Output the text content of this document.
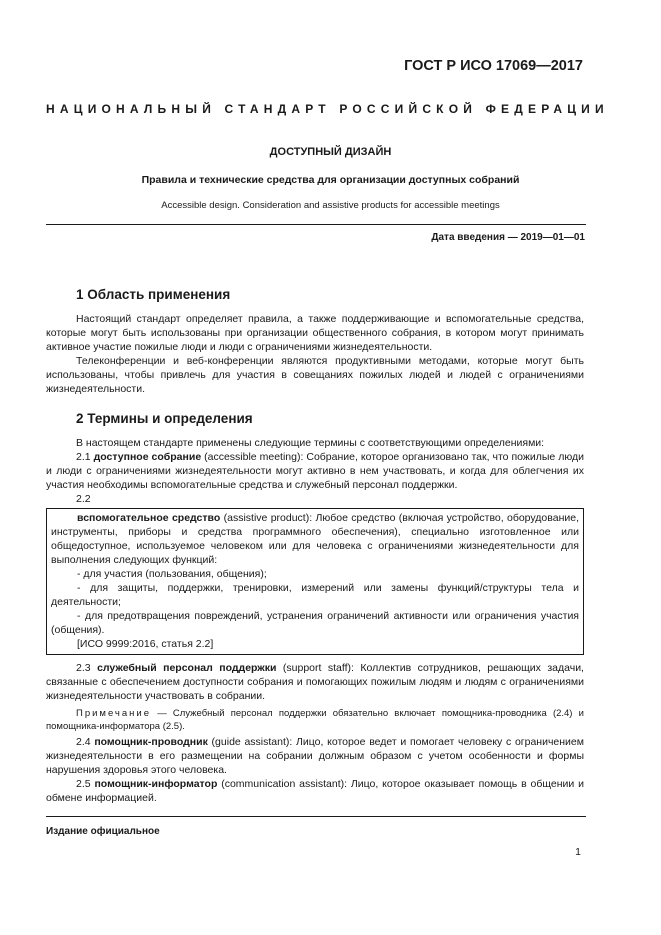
ГОСТ Р ИСО 17069—2017
НАЦИОНАЛЬНЫЙ СТАНДАРТ РОССИЙСКОЙ ФЕДЕРАЦИИ
ДОСТУПНЫЙ ДИЗАЙН
Правила и технические средства для организации доступных собраний
Accessible design. Consideration and assistive products for accessible meetings
Дата введения — 2019—01—01
1 Область применения

Настоящий стандарт определяет правила, а также поддерживающие и вспомогательные средства, которые могут быть использованы при организации общественного собрания, в котором могут принимать активное участие пожилые люди и люди с ограничениями жизнедеятельности.

Телеконференции и веб-конференции являются продуктивными методами, которые могут быть использованы, чтобы привлечь для участия в совещаниях пожилых людей и людей с ограничениями жизнедеятельности.

2 Термины и определения

В настоящем стандарте применены следующие термины с соответствующими определениями:

2.1 доступное собрание (accessible meeting): Собрание, которое организовано так, что пожилые люди и люди с ограничениями жизнедеятельности могут активно в нем участвовать, и когда для облегчения их участия необходимы вспомогательные средства и служебный персонал поддержки.

2.2

вспомогательное средство (assistive product): Любое средство (включая устройство, оборудование, инструменты, приборы и средства программного обеспечения), специально изготовленное или общедоступное, используемое человеком или для человека с ограничениями жизнедеятельности для выполнения следующих функций:

- для участия (пользования, общения);

- для защиты, поддержки, тренировки, измерений или замены функций/структуры тела и деятельности;

- для предотвращения повреждений, устранения ограничений активности или ограничения участия (общения).

[ИСО 9999:2016, статья 2.2]

2.3 служебный персонал поддержки (support staff): Коллектив сотрудников, решающих задачи, связанные с обеспечением доступности собрания и помогающих пожилым людям и людям с ограничениями жизнедеятельности участвовать в собрании.

Примечание — Служебный персонал поддержки обязательно включает помощника-проводника (2.4) и помощника-информатора (2.5).

2.4 помощник-проводник (guide assistant): Лицо, которое ведет и помогает человеку с ограничением жизнедеятельности в его размещении на собрании должным образом с учетом особенности и формы нарушения здоровья этого человека.

2.5 помощник-информатор (communication assistant): Лицо, которое оказывает помощь в общении и обмене информацией.

Издание официальное
1
